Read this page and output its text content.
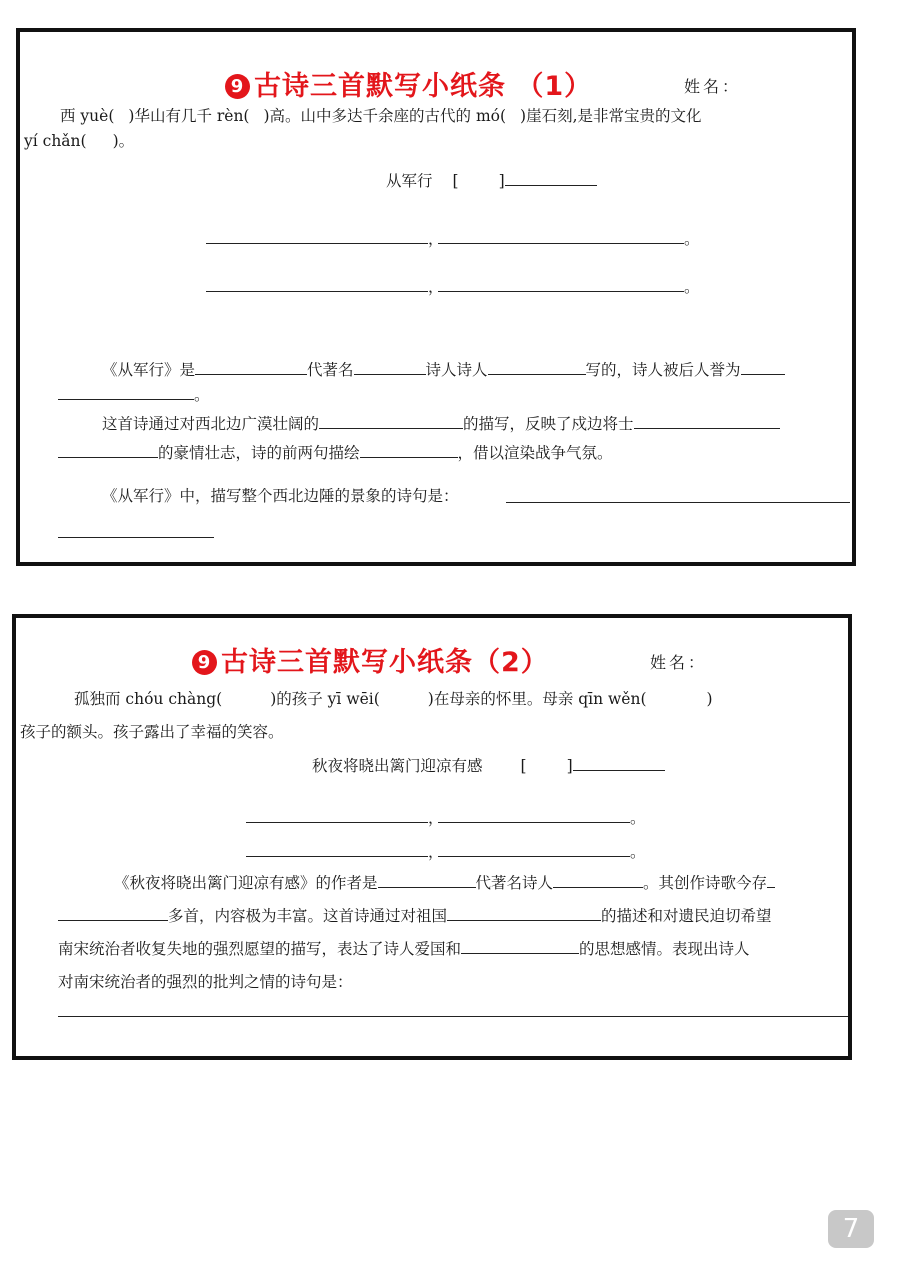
9 古诗三首默写小纸条 （1）	姓名：
西 yuè( )华山有几千 rèn( )高。山中多达千余座的古代的 mó( )崖石刻,是非常宝贵的文化
yí chǎn( )。
从军行 [	]
，	。
，	。
《从军行》是	代著名	诗人诗人	写的，诗人被后人誉为
。
这首诗通过对西北边广漠壮阔的	的描写，反映了戍边将士
的豪情壮志，诗的前两句描绘	，借以渲染战争气氛。
《从军行》中，描写整个西北边陲的景象的诗句是：
9 古诗三首默写小纸条（2）	姓名：
孤独而 chóu chàng(	)的孩子 yī wēi(	)在母亲的怀里。母亲 qīn wěn(	)
孩子的额头。孩子露出了幸福的笑容。
秋夜将晓出篱门迎凉有感 [	]
，	。
，	。
《秋夜将晓出篱门迎凉有感》的作者是	代著名诗人	。其创作诗歌今存
多首，内容极为丰富。这首诗通过对祖国	的描述和对遗民迫切希望
南宋统治者收复失地的强烈愿望的描写，表达了诗人爱国和	的思想感情。表现出诗人
对南宋统治者的强烈的批判之情的诗句是：
7
